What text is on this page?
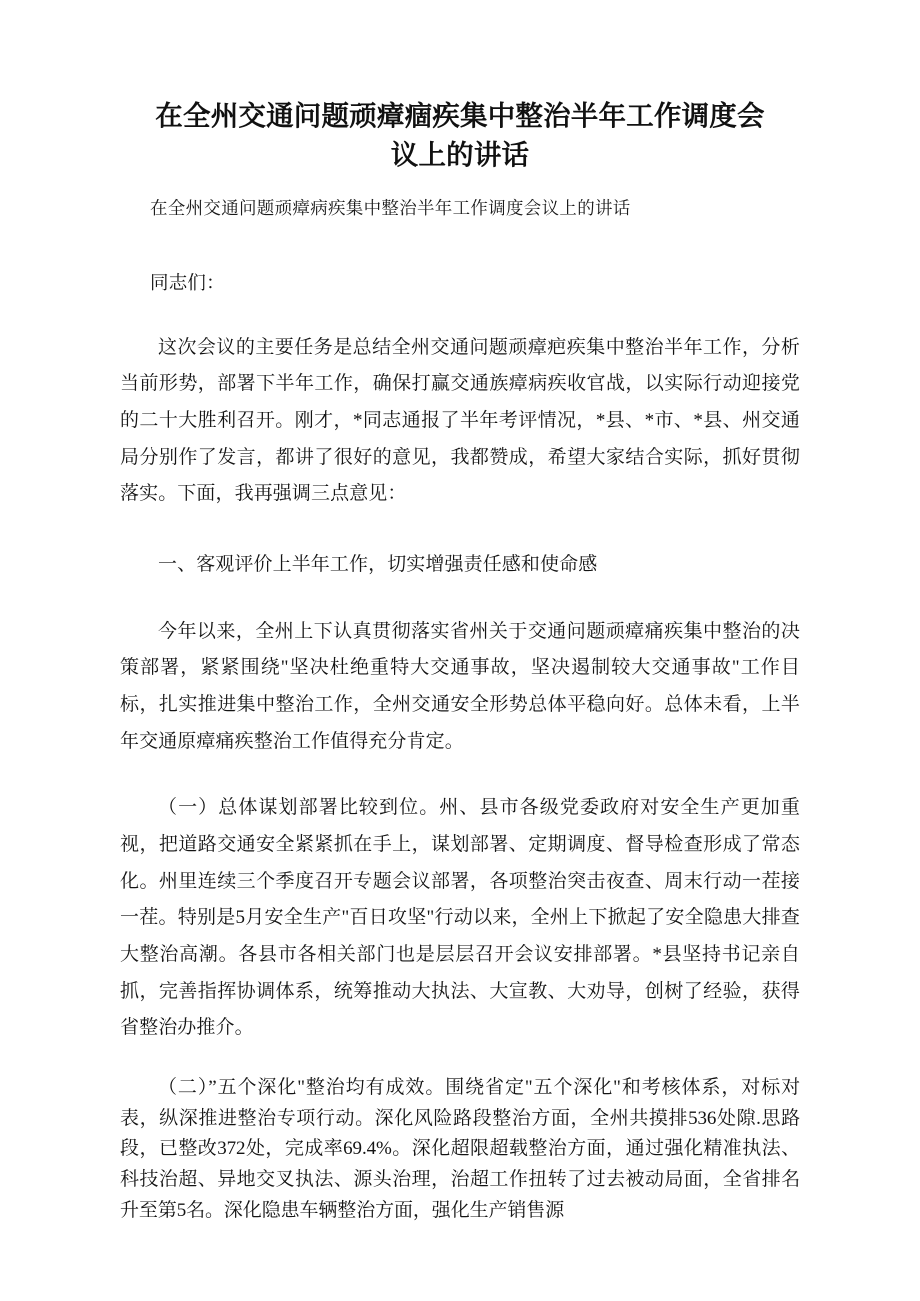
在全州交通问题顽瘴痼疾集中整治半年工作调度会议上的讲话

在全州交通问题顽瘴病疾集中整治半年工作调度会议上的讲话

同志们：

这次会议的主要任务是总结全州交通问题顽瘴疤疾集中整治半年工作，分析当前形势，部署下半年工作，确保打赢交通族瘴病疾收官战，以实际行动迎接党的二十大胜利召开。刚才，*同志通报了半年考评情况，*县、*市、*县、州交通局分别作了发言，都讲了很好的意见，我都赞成，希望大家结合实际，抓好贯彻落实。下面，我再强调三点意见：

一、客观评价上半年工作，切实增强责任感和使命感

今年以来，全州上下认真贯彻落实省州关于交通问题顽瘴痛疾集中整治的决策部署，紧紧围绕"坚决杜绝重特大交通事故，坚决遏制较大交通事故"工作目标，扎实推进集中整治工作，全州交通安全形势总体平稳向好。总体未看，上半年交通原瘴痛疾整治工作值得充分肯定。

（一）总体谋划部署比较到位。州、县市各级党委政府对安全生产更加重视，把道路交通安全紧紧抓在手上，谋划部署、定期调度、督导检查形成了常态化。州里连续三个季度召开专题会议部署，各项整治突击夜查、周末行动一茬接一茬。特别是5月安全生产"百日攻坚"行动以来，全州上下掀起了安全隐患大排查大整治高潮。各县市各相关部门也是层层召开会议安排部署。*县坚持书记亲自抓，完善指挥协调体系，统筹推动大执法、大宣教、大劝导，创树了经验，获得省整治办推介。

（二）”五个深化"整治均有成效。围绕省定"五个深化"和考核体系，对标对表，纵深推进整治专项行动。深化风险路段整治方面，全州共摸排536处隙.思路段，已整改372处，完成率69.4%。深化超限超载整治方面，通过强化精准执法、科技治超、异地交叉执法、源头治理，治超工作扭转了过去被动局面，全省排名升至第5名。深化隐患车辆整治方面，强化生产销售源
